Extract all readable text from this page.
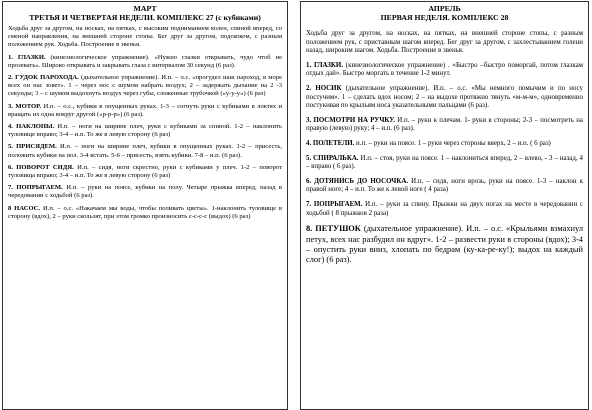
МАРТ
ТРЕТЬЯ И ЧЕТВЕРТАЯ НЕДЕЛИ. КОМПЛЕКС 27 (с кубиками)

Ходьба друг за другом, на носках, на пятках, с высоким подниманием колен, спиной вперед, со сменой направления, на внешней стороне стопы. Бег друг за другом, подскоком, с разным положением рук. Ходьба. Построение в звенья.

1. ГЛАЗКИ. (кинезиологическое упражнение). «Нужно глазки открывать, чудо чтоб не прозевать». Широко открывать и закрывать глаза с интервалом 30 секунд (6 раз).

2. ГУДОК ПАРОХОДА. (дыхательное упражнение). И.п. – о.с. «прогудел наш пароход, в море всех он нас зовет». 1 – через нос с шумом набрать воздух; 2 – задержать дыхание на 2 -3 секунды; 3 – с шумом выдохнуть воздух через губы, сложенные трубочкой («у-у-у») (6 раз)

3. МОТОР. И.п. – о.с., кубики в опущенных руках. 1-3 – согнуть руки с кубиками в локтях и вращать их одна вокруг другой («р-р-р») (6 раз).

4. НАКЛОНЫ. И.п. – ноги на ширине плеч, руки с кубиками за спиной. 1-2 – наклонить туловище вправо; 3-4 – и.п. То же в левую сторону (6 раз)

5. ПРИСЯДЕМ. И.п. – ноги на ширине плеч, кубики в опущенных руках. 1-2 – присесть, положить кубики на пол. 3-4 встать. 5-6 – присесть, взять кубики. 7-8 – и.п. (6 раз).

6. ПОВОРОТ СИДЯ. И.п. – сидя, ноги скрестно, руки с кубиками у плеч. 1-2 – поворот туловища вправо; 3-4 – и.п. То же в левую сторону (6 раз)

7. ПОПРЫГАЕМ. И.п. – руки на поясе, кубики на полу. Четыре прыжка вперед, назад в чередовании с ходьбой (6 раз).

8 НАСОС. И.п. – о.с. «Накачаем мы воды, чтобы поливать цветы». 1-наклонить туловище в сторону (вдох), 2 – руки скользят, при этом громко произносить с-с-с-с (выдох) (6 раз)

АПРЕЛЬ
ПЕРВАЯ НЕДЕЛЯ. КОМПЛЕКС 28

Ходьба друг за другом, на носках, на пятках, на внешней стороне стопы, с разным положением рук, с приставным шагом вперед. Бег друг за другом, с захлестыванием голени назад, широким шагом. Ходьба. Построение в звенья.

1. ГЛАЗКИ. (кинезиологическое упражнение) . «Быстро –быстро поморгай, потом глазкам отдых дай». Быстро моргать в течение 1-2 минут.

2. НОСИК (дыхательное упражнение). И.п. – о.с. «Мы немного помычим и по носу постучим». 1 – сделать вдох носом; 2 – на выдохе протяжно тянуть «м-м-м», одновременно постукивая по крыльям носа указательными пальцами (6 раз).

3. ПОСМОТРИ НА РУЧКУ. И.п. – руки к плечам. 1- руки в стороны; 2-3 – посмотреть на правую (левую) руку; 4 – и.п. (6 раз).

4. ПОЛЕТЕЛИ. и.п. – руки на поясе. 1 – руки через стороны вверх, 2 – и.п. ( 6 раз)

5. СПИРАЛЬКА. И.п. – стоя, руки на поясе. 1 – наклониться вперед, 2 – влево, - 3 – назад, 4 – вправо ( 6 раз).

6. ДОТЯНИСЬ ДО НОСОЧКА. И.п. – сидя, ноги врозь, руки на поясе. 1-3 – наклон к правой ноге; 4 – и.п. То же к левой ноге ( 4 раза)

7. ПОПРЫГАЕМ. И.п. – руки за спину. Прыжки на двух ногах на месте в чередовании с ходьбой ( 8 прыжков 2 раза)

8. ПЕТУШОК (дыхательное упражнение). И.п. – о.с. «Крыльями взмахнул петух, всех нас разбудил он вдруг». 1-2 – развести руки в стороны (вдох); 3-4 – опустить руки вниз, хлопать по бедрам (ку-ка-ре-ку!); выдох на каждый слог) (6 раз).
